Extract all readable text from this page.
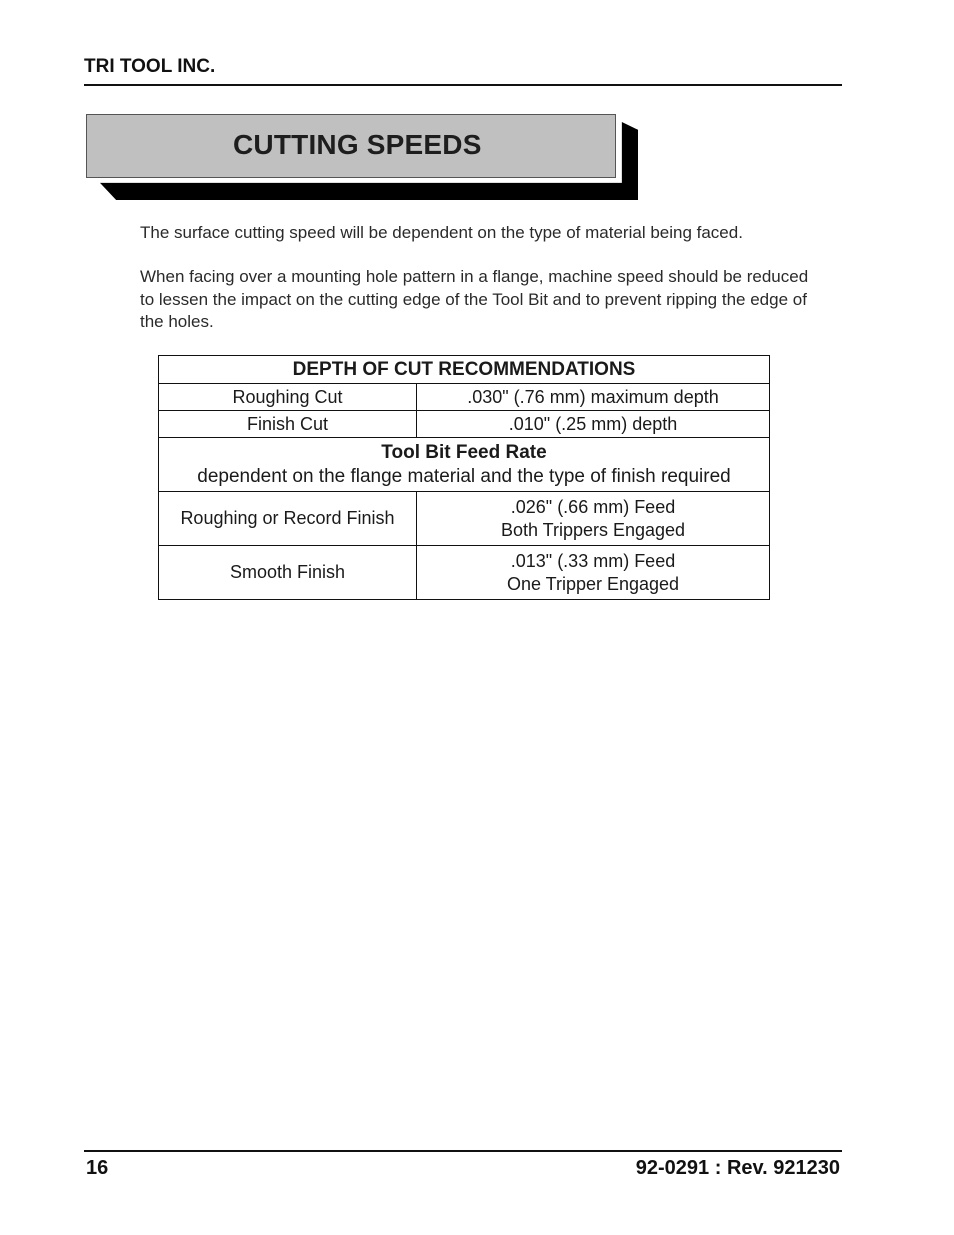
TRI TOOL INC.
CUTTING SPEEDS
The surface cutting speed will be dependent on the type of material being faced.
When facing over a mounting hole pattern in a flange, machine speed should be reduced to lessen the impact on the cutting edge of the Tool Bit and to prevent ripping the edge of the holes.
DEPTH OF CUT RECOMMENDATIONS	
Roughing Cut	.030" (.76 mm) maximum depth
Finish Cut	.010" (.25 mm) depth

Tool Bit Feed Rate
dependent on the flange material and the type of finish required	

Roughing or Record Finish	.026" (.66 mm) Feed
Both Trippers Engaged

Smooth Finish	.013" (.33 mm) Feed
One Tripper Engaged
16	92-0291 : Rev. 921230
